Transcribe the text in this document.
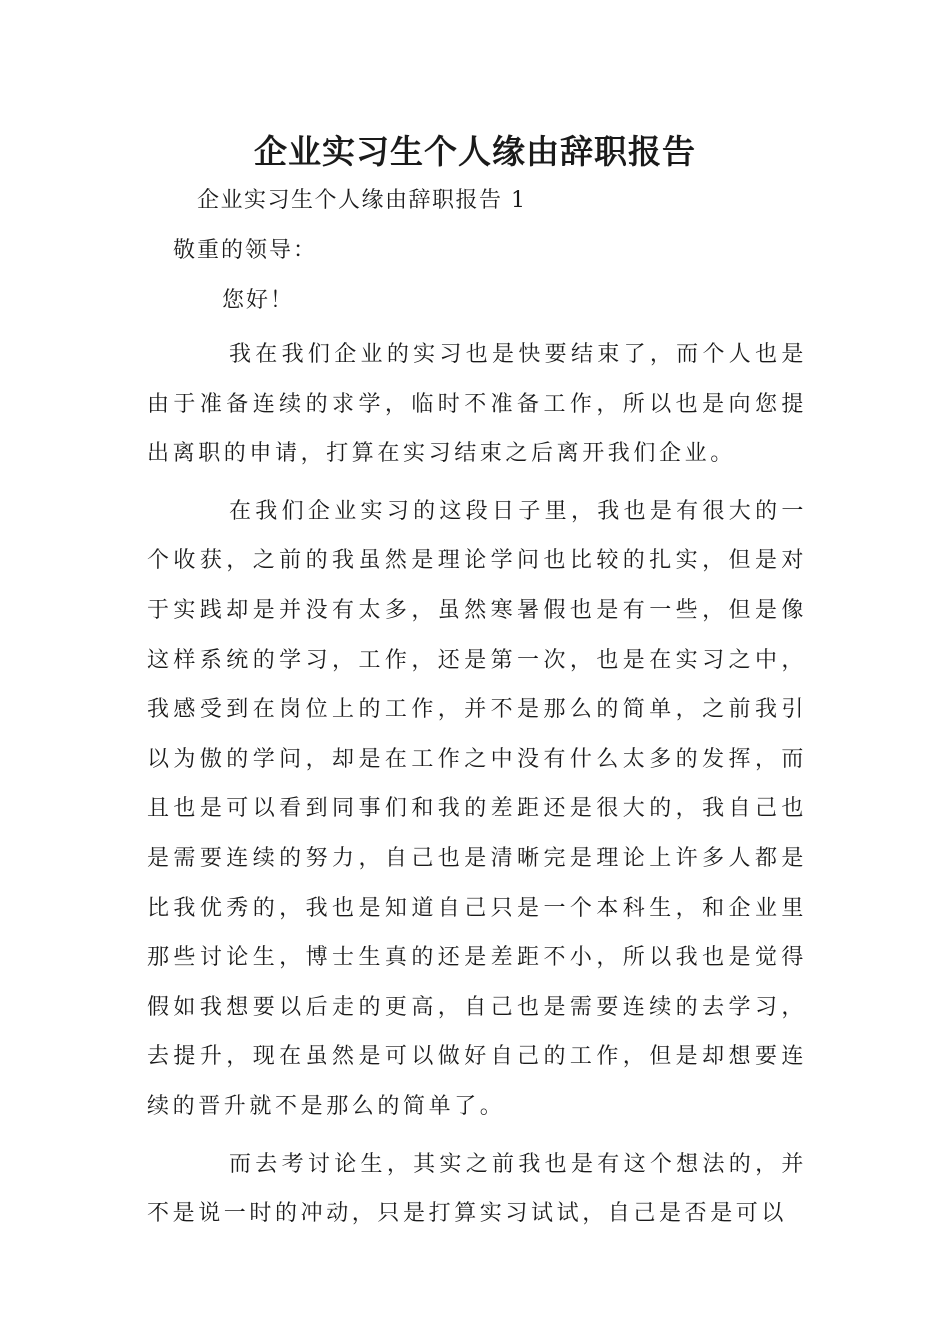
企业实习生个人缘由辞职报告

企业实习生个人缘由辞职报告 1

敬重的领导：

您好！

我在我们企业的实习也是快要结束了，而个人也是由于准备连续的求学，临时不准备工作，所以也是向您提出离职的申请，打算在实习结束之后离开我们企业。

在我们企业实习的这段日子里，我也是有很大的一个收获，之前的我虽然是理论学问也比较的扎实，但是对于实践却是并没有太多，虽然寒暑假也是有一些，但是像这样系统的学习，工作，还是第一次，也是在实习之中，我感受到在岗位上的工作，并不是那么的简单，之前我引以为傲的学问，却是在工作之中没有什么太多的发挥，而且也是可以看到同事们和我的差距还是很大的，我自己也是需要连续的努力，自己也是清晰完是理论上许多人都是比我优秀的，我也是知道自己只是一个本科生，和企业里那些讨论生，博士生真的还是差距不小，所以我也是觉得假如我想要以后走的更高，自己也是需要连续的去学习，去提升，现在虽然是可以做好自己的工作，但是却想要连续的晋升就不是那么的简单了。

而去考讨论生，其实之前我也是有这个想法的，并不是说一时的冲动，只是打算实习试试，自己是否是可以
